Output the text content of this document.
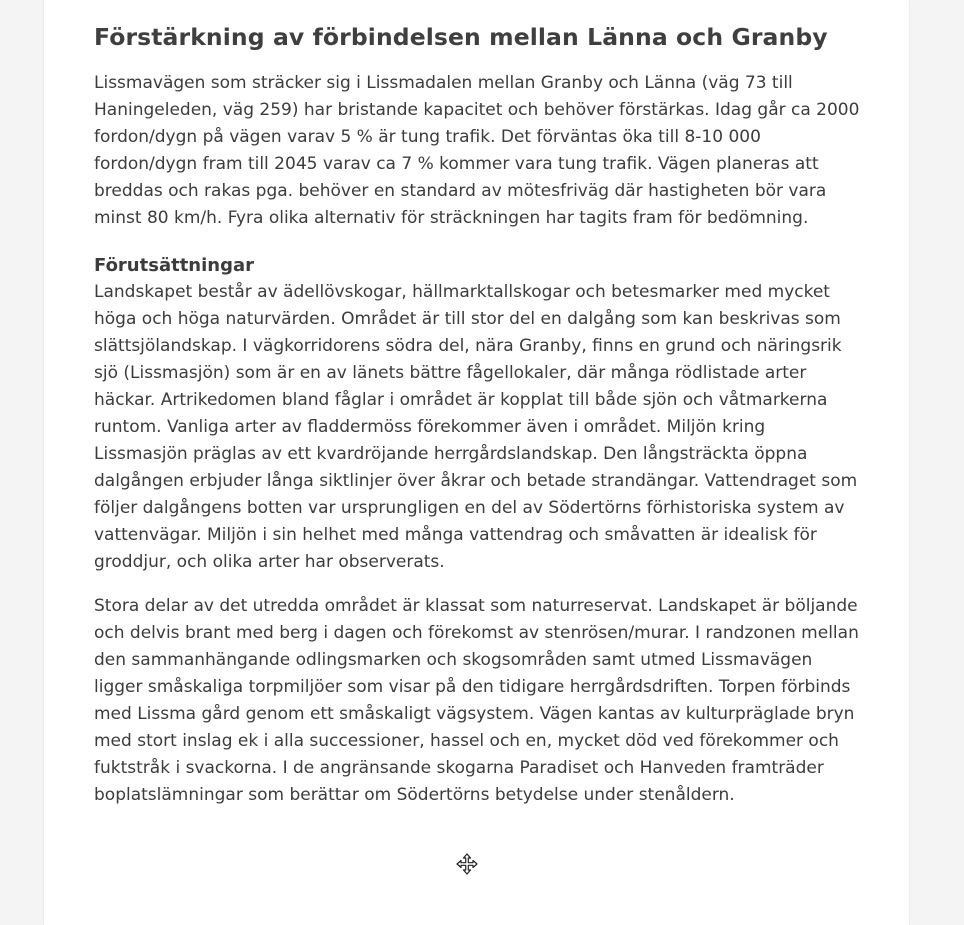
Förstärkning av förbindelsen mellan Länna och Granby

Lissmavägen som sträcker sig i Lissmadalen mellan Granby och Länna (väg 73 till Haningeleden, väg 259) har bristande kapacitet och behöver förstärkas. Idag går ca 2000 fordon/dygn på vägen varav 5 % är tung trafik. Det förväntas öka till 8-10 000 fordon/dygn fram till 2045 varav ca 7 % kommer vara tung trafik. Vägen planeras att breddas och rakas pga. behöver en standard av mötesfriväg där hastigheten bör vara minst 80 km/h. Fyra olika alternativ för sträckningen har tagits fram för bedömning.

Förutsättningar

Landskapet består av ädellövskogar, hällmarktallskogar och betesmarker med mycket höga och höga naturvärden. Området är till stor del en dalgång som kan beskrivas som slättsjölandskap. I vägkorridorens södra del, nära Granby, finns en grund och näringsrik sjö (Lissmasjön) som är en av länets bättre fågellokaler, där många rödlistade arter häckar. Artrikedomen bland fåglar i området är kopplat till både sjön och våtmarkerna runtom. Vanliga arter av fladdermöss förekommer även i området. Miljön kring Lissmasjön präglas av ett kvardröjande herrgårdslandskap. Den långsträckta öppna dalgången erbjuder långa siktlinjer över åkrar och betade strandängar. Vattendraget som följer dalgångens botten var ursprungligen en del av Södertörns förhistoriska system av vattenvägar. Miljön i sin helhet med många vattendrag och småvatten är idealisk för groddjur, och olika arter har observerats.

Stora delar av det utredda området är klassat som naturreservat. Landskapet är böljande och delvis brant med berg i dagen och förekomst av stenrösen/murar. I randzonen mellan den sammanhängande odlingsmarken och skogsområden samt utmed Lissmavägen ligger småskaliga torpmiljöer som visar på den tidigare herrgårdsdriften. Torpen förbinds med Lissma gård genom ett småskaligt vägsystem. Vägen kantas av kulturpräglade bryn med stort inslag ek i alla successioner, hassel och en, mycket död ved förekommer och fuktstråk i svackorna. I de angränsande skogarna Paradiset och Hanveden framträder boplatslämningar som berättar om Södertörns betydelse under stenåldern.
